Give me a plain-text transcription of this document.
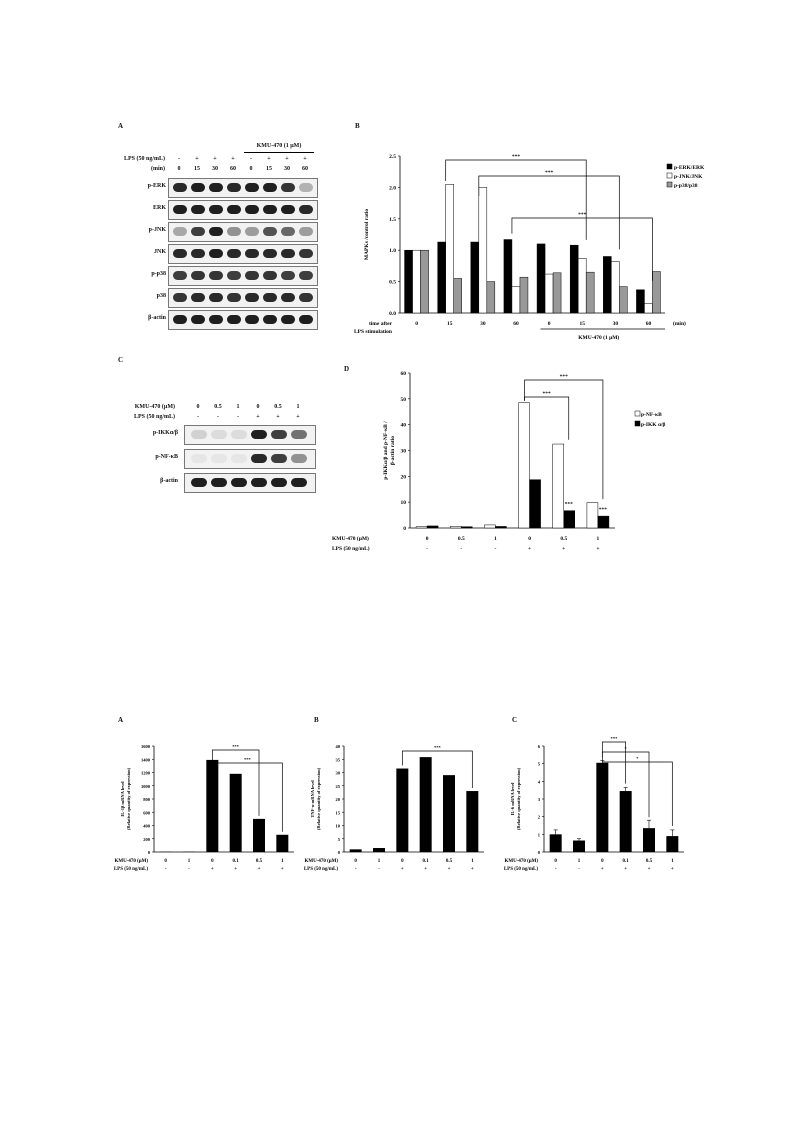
A	B
C
D
A	B	C
KMU-470 (1 μM)
LPS (50 ng/mL)
(min)
-	+	+	+	-	+	+	+
0	15	30	60	0	15	30	60
p-ERK
ERK
p-JNK
JNK
p-p38
p38
β-actin
KMU-470 (μM)
LPS (50 ng/mL)
0	0.5	1	0	0.5	1
-	-	-	+	+	+
p-IKKα/β
p-NF-κB
β-actin
0.0
0.5
1.0
1.5
2.0
2.5
MAPKs /control ratio
0	15	30	60	0	15	30	60	(min)
time after
LPS stimulation
KMU-470 (1 μM)
p-ERK/ERK
p-JNK/JNK
p-p38/p38
***
***
***
0
10
20
30
40
50
60
p-IKKα/β and p-NF-κB / β-actin ratio
0
-
0.5
-
1
-
0
+
0.5
+
1
+
KMU-470 (μM)
LPS (50 ng/mL)
p-NF-κB
p-IKK α/β
***
***
***
***
0
200
400
600
800
1000
1200
1400
1600
IL-1β mRNA level (Relative quantity of expression)
0
-
1
-
0
+
0.1
+
0.5
+
1
+
KMU-470 (μM)
LPS (50 ng/mL)
***
***
0
5
10
15
20
25
30
35
40
TNF-α mRNA level (Relative quantity of expression)
0
-
1
-
0
+
0.1
+
0.5
+
1
+
KMU-470 (μM)
LPS (50 ng/mL)
***
0
1
2
3
4
5
6
IL-6 mRNA level (Relative quantity of expression)
0
-
1
-
0
+
0.1
+
0.5
+
1
+
KMU-470 (μM)
LPS (50 ng/mL)
***
*
*
